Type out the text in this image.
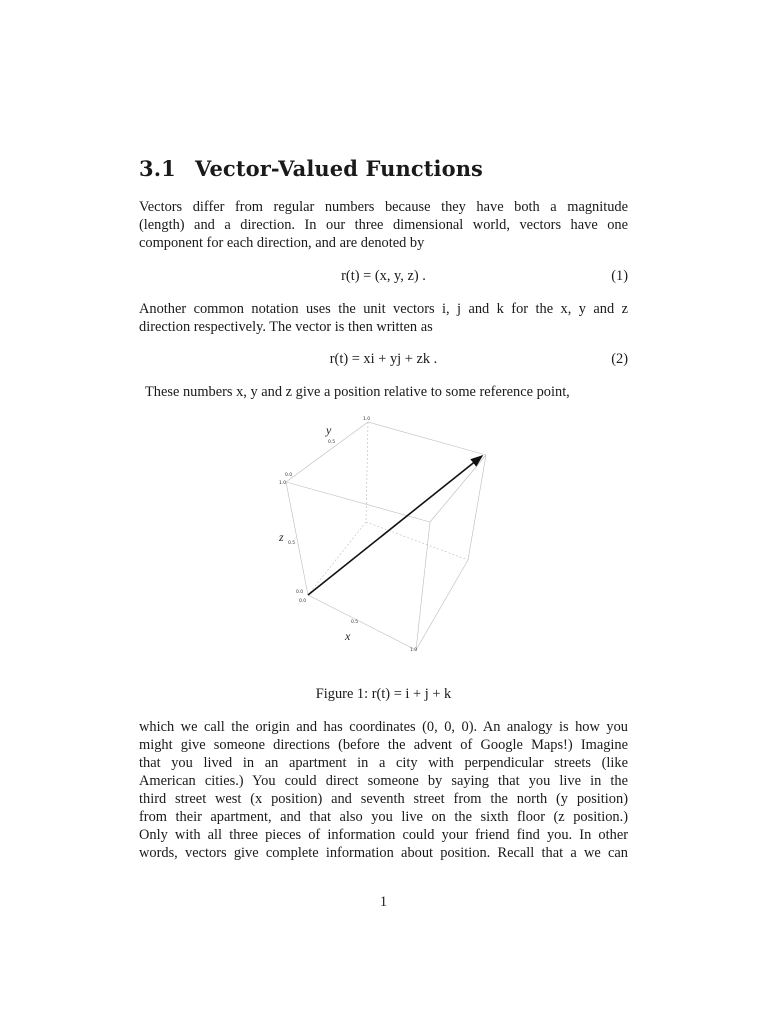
3.1 Vector-Valued Functions

Vectors differ from regular numbers because they have both a magnitude

(length) and a direction. In our three dimensional world, vectors have one

component for each direction, and are denoted by

r(t) = (x, y, z) .	(1)

Another common notation uses the unit vectors i, j and k for the x, y and z

direction respectively. The vector is then written as

r(t) = xi + yj + zk .	(2)

These numbers x, y and z give a position relative to some reference point,

1.0
0.5
0.0
1.0
0.5
0.0
0.0
0.5
1.0
y
z
x
Figure 1: r(t) = i + j + k

which we call the origin and has coordinates (0, 0, 0). An analogy is how you

might give someone directions (before the advent of Google Maps!) Imagine

that you lived in an apartment in a city with perpendicular streets (like

American cities.) You could direct someone by saying that you live in the

third street west (x position) and seventh street from the north (y position)

from their apartment, and that also you live on the sixth floor (z position.)

Only with all three pieces of information could your friend find you. In other

words, vectors give complete information about position. Recall that a we can

1
